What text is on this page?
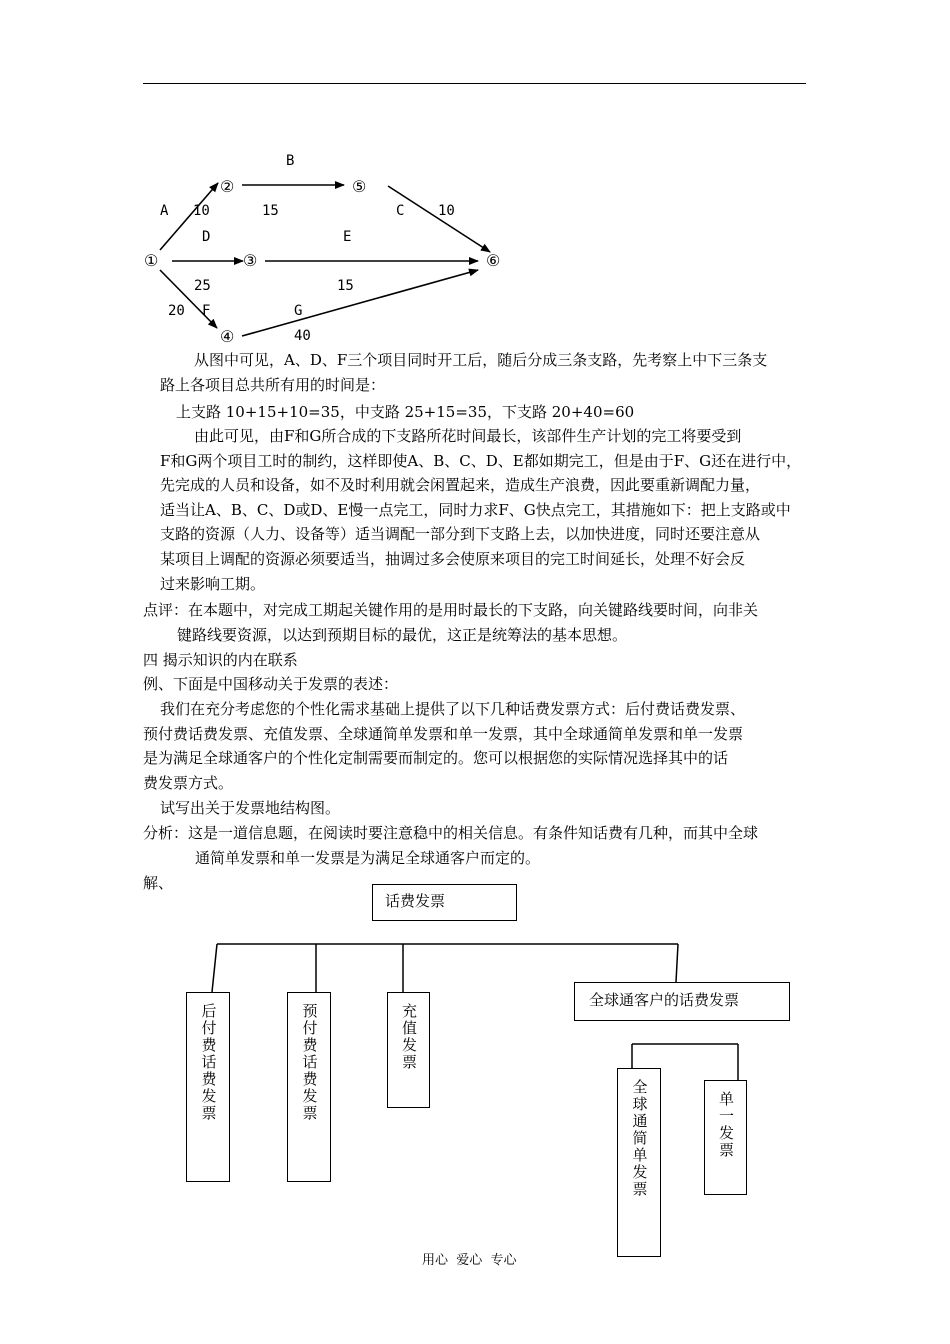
①
②
③
④
⑤
⑥
B
A 10	15	C 10
D	E
25	15
20 F	G
40
从图中可见，A、D、F三个项目同时开工后，随后分成三条支路，先考察上中下三条支
路上各项目总共所有用的时间是：
上支路 10+15+10=35，中支路 25+15=35，下支路 20+40=60
由此可见，由F和G所合成的下支路所花时间最长，该部件生产计划的完工将要受到
F和G两个项目工时的制约，这样即使A、B、C、D、E都如期完工，但是由于F、G还在进行中，
先完成的人员和设备，如不及时利用就会闲置起来，造成生产浪费，因此要重新调配力量，
适当让A、B、C、D或D、E慢一点完工，同时力求F、G快点完工，其措施如下：把上支路或中
支路的资源（人力、设备等）适当调配一部分到下支路上去，以加快进度，同时还要注意从
某项目上调配的资源必须要适当，抽调过多会使原来项目的完工时间延长，处理不好会反
过来影响工期。
点评：在本题中，对完成工期起关键作用的是用时最长的下支路，向关键路线要时间，向非关
键路线要资源，以达到预期目标的最优，这正是统筹法的基本思想。
四 揭示知识的内在联系
例、下面是中国移动关于发票的表述：
我们在充分考虑您的个性化需求基础上提供了以下几种话费发票方式：后付费话费发票、
预付费话费发票、充值发票、全球通简单发票和单一发票，其中全球通简单发票和单一发票
是为满足全球通客户的个性化定制需要而制定的。您可以根据您的实际情况选择其中的话
费发票方式。
试写出关于发票地结构图。
分析：这是一道信息题，在阅读时要注意稳中的相关信息。有条件知话费有几种，而其中全球
通简单发票和单一发票是为满足全球通客户而定的。
解、
话费发票
后付费话费发票	预付费话费发票	充值发票
全球通客户的话费发票
全球通简单发票	单一发票
用心  爱心  专心
